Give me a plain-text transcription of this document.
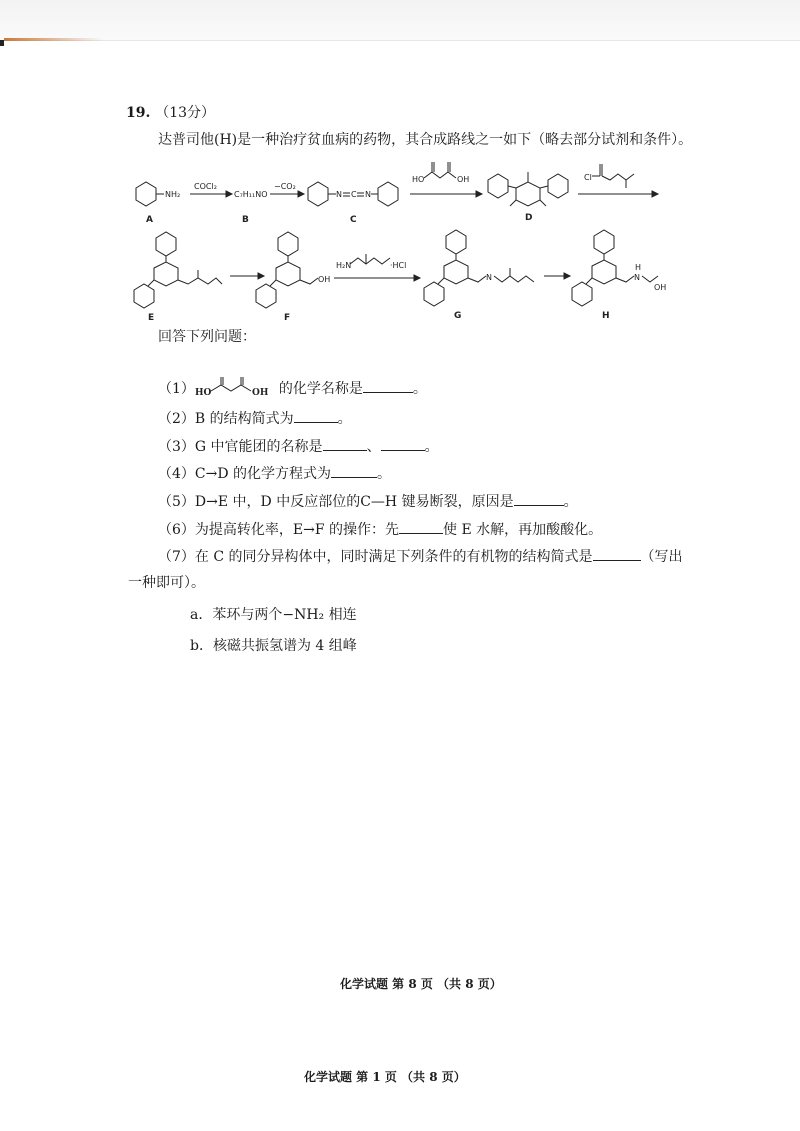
19. （13分）
达普司他(H)是一种治疗贫血病的药物，其合成路线之一如下（略去部分试剂和条件）。
NH₂
COCl₂
C₇H₁₁NO
−CO₂
N C N
HO	OH
D
Cl
A	B	C
E
OH
F
H₂N	·HCl
N
G
N
H
OH
H
回答下列问题：
（1） HO	OH 的化学名称是	。
（2）B 的结构简式为	。
（3）G 中官能团的名称是	、	。
（4）C→D 的化学方程式为	。
（5）D→E 中，D 中反应部位的C—H 键易断裂，原因是	。
（6）为提高转化率，E→F 的操作：先	使 E 水解，再加酸酸化。
（7）在 C 的同分异构体中，同时满足下列条件的有机物的结构简式是	（写出
一种即可）。
a．苯环与两个−NH₂ 相连
b．核磁共振氢谱为 4 组峰
化学试题 第 8 页 （共 8 页）
化学试题 第 1 页 （共 8 页）
